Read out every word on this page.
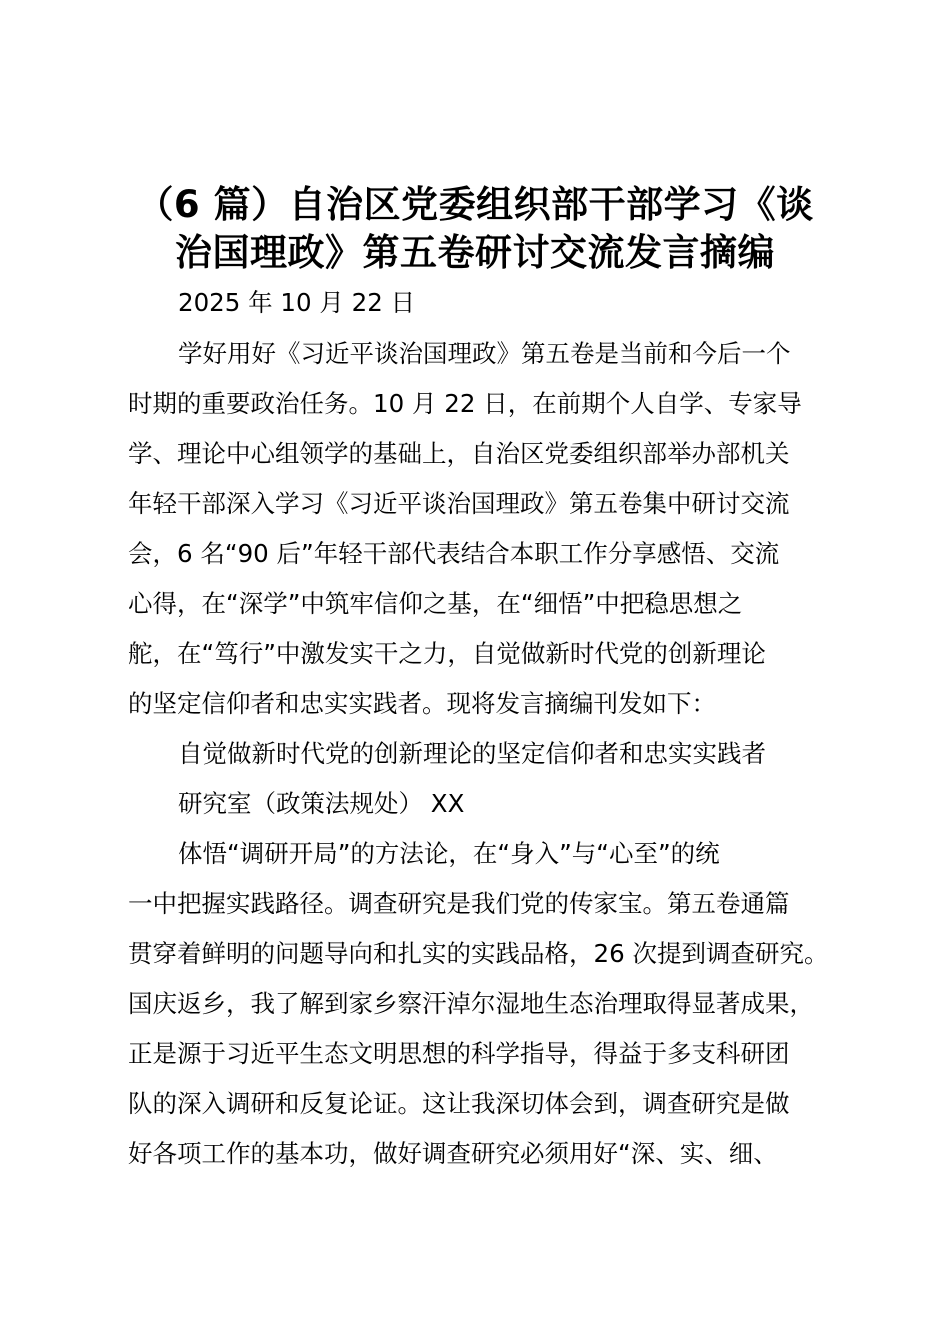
（6 篇）自治区党委组织部干部学习《谈
治国理政》第五卷研讨交流发言摘编
2025 年 10 月 22 日
学好用好《习近平谈治国理政》第五卷是当前和今后一个
时期的重要政治任务。10 月 22 日，在前期个人自学、专家导
学、理论中心组领学的基础上，自治区党委组织部举办部机关
年轻干部深入学习《习近平谈治国理政》第五卷集中研讨交流
会，6 名“90 后”年轻干部代表结合本职工作分享感悟、交流
心得，在“深学”中筑牢信仰之基，在“细悟”中把稳思想之
舵，在“笃行”中激发实干之力，自觉做新时代党的创新理论
的坚定信仰者和忠实实践者。现将发言摘编刊发如下：
自觉做新时代党的创新理论的坚定信仰者和忠实实践者
研究室（政策法规处） XX
体悟“调研开局”的方法论，在“身入”与“心至”的统
一中把握实践路径。调查研究是我们党的传家宝。第五卷通篇
贯穿着鲜明的问题导向和扎实的实践品格，26 次提到调查研究。
国庆返乡，我了解到家乡察汗淖尔湿地生态治理取得显著成果，
正是源于习近平生态文明思想的科学指导，得益于多支科研团
队的深入调研和反复论证。这让我深切体会到，调查研究是做
好各项工作的基本功，做好调查研究必须用好“深、实、细、
